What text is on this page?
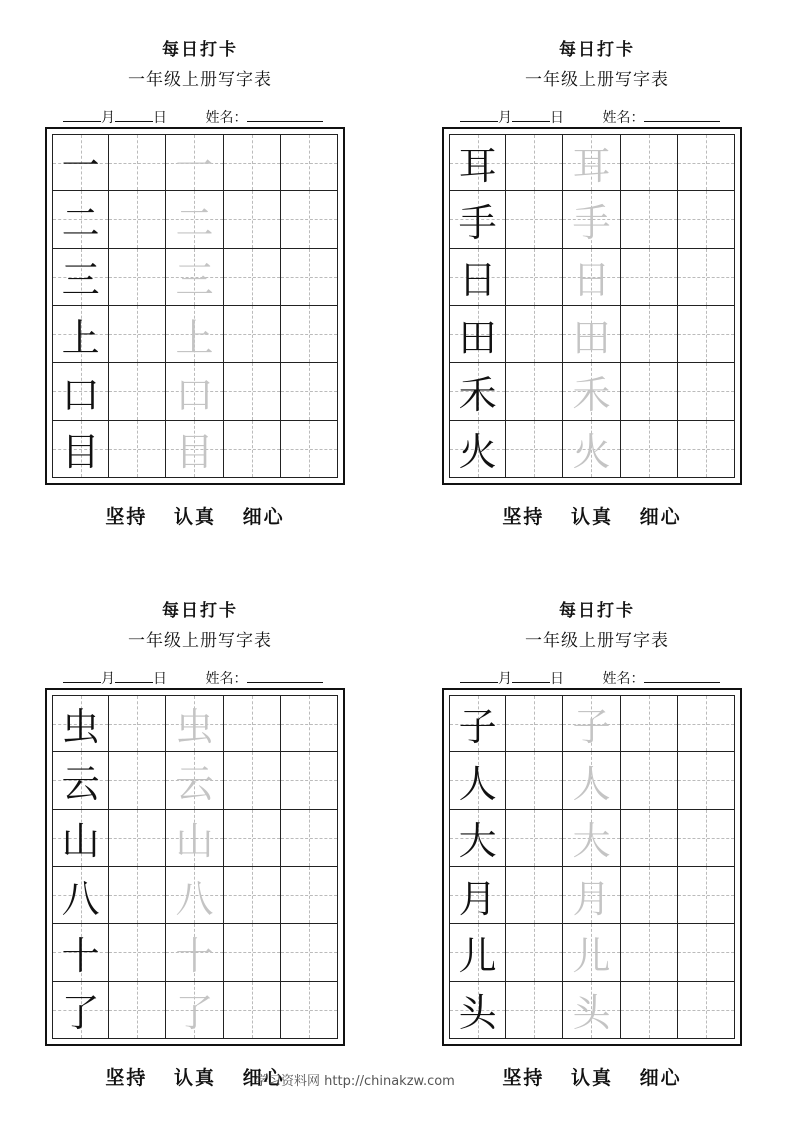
每日打卡
一年级上册写字表
月	日	姓名：
一 一
二 二
三 三
上 上
口 口
目 目
坚持 认真 细心
每日打卡
一年级上册写字表
月	日	姓名：
耳 耳
手 手
日 日
田 田
禾 禾
火 火
坚持 认真 细心
每日打卡
一年级上册写字表
月	日	姓名：
虫 虫
云 云
山 山
八 八
十 十
了 了
坚持 认真 细心
每日打卡
一年级上册写字表
月	日	姓名：
子 子
人 人
大 大
月 月
儿 儿
头 头
坚持 认真 细心
学习资料网 http://chinakzw.com
